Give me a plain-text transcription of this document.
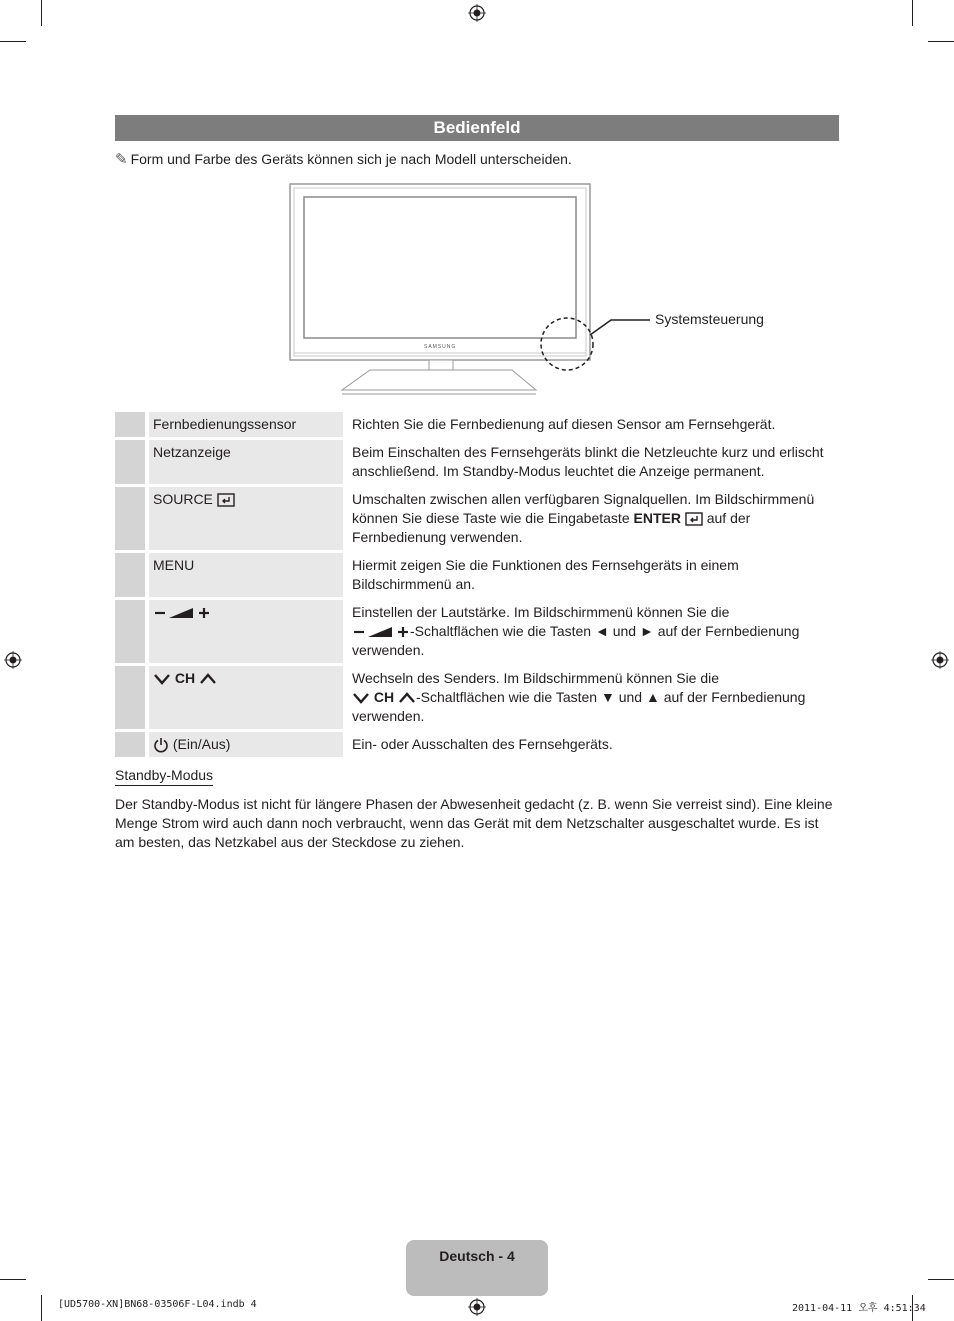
Bedienfeld
✎ Form und Farbe des Geräts können sich je nach Modell unterscheiden.
SAMSUNG
Systemsteuerung
	Fernbedienungssensor	Richten Sie die Fernbedienung auf diesen Sensor am Fernsehgerät.
	Netzanzeige	Beim Einschalten des Fernsehgeräts blinkt die Netzleuchte kurz und erlischt anschließend. Im Standby-Modus leuchtet die Anzeige permanent.
	SOURCE	Umschalten zwischen allen verfügbaren Signalquellen. Im Bildschirmmenü können Sie diese Taste wie die Eingabetaste ENTER  auf der Fernbedienung verwenden.
	MENU	Hiermit zeigen Sie die Funktionen des Fernsehgeräts in einem Bildschirmmenü an.
		Einstellen der Lautstärke. Im Bildschirmmenü können Sie die
-Schaltflächen wie die Tasten ◄ und ► auf der Fernbedienung verwenden.
	CH	Wechseln des Senders. Im Bildschirmmenü können Sie die
CH -Schaltflächen wie die Tasten ▼ und ▲ auf der Fernbedienung verwenden.
	(Ein/Aus)	Ein- oder Ausschalten des Fernsehgeräts.
Standby-Modus
Der Standby-Modus ist nicht für längere Phasen der Abwesenheit gedacht (z. B. wenn Sie verreist sind). Eine kleine Menge Strom wird auch dann noch verbraucht, wenn das Gerät mit dem Netzschalter ausgeschaltet wurde. Es ist am besten, das Netzkabel aus der Steckdose zu ziehen.
Deutsch - 4
[UD5700-XN]BN68-03506F-L04.indb 4	2011-04-11 오후 4:51:34
